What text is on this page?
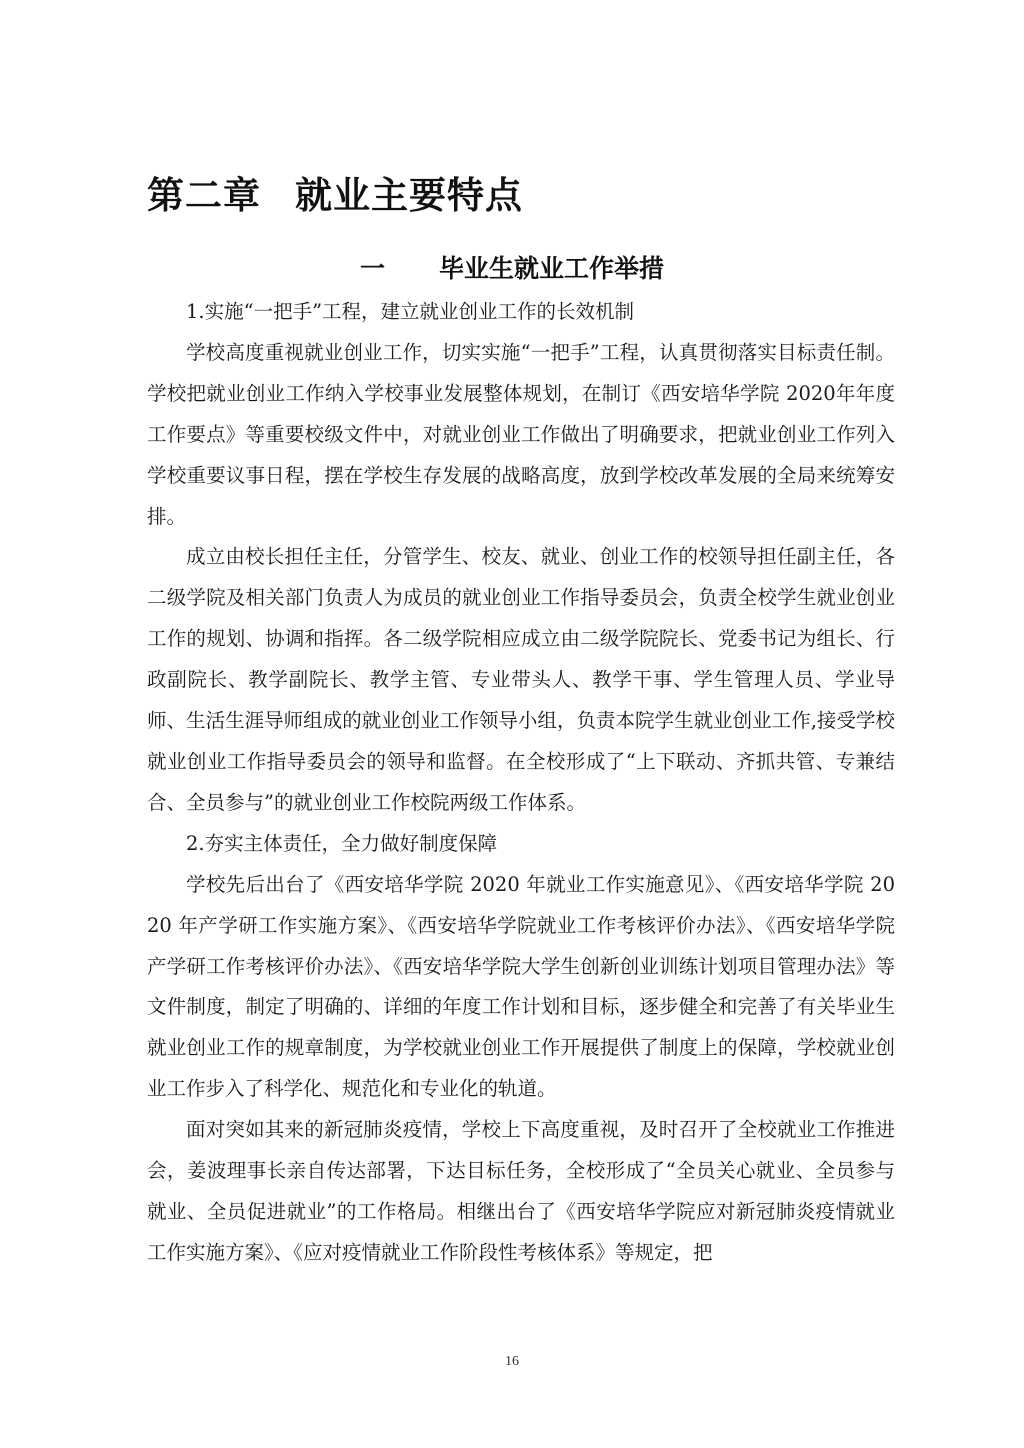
第二章 就业主要特点
一 毕业生就业工作举措

1.实施“一把手”工程，建立就业创业工作的长效机制

学校高度重视就业创业工作，切实实施“一把手”工程，认真贯彻落实目标责任制。学校把就业创业工作纳入学校事业发展整体规划，在制订《西安培华学院 2020年年度工作要点》等重要校级文件中，对就业创业工作做出了明确要求，把就业创业工作列入学校重要议事日程，摆在学校生存发展的战略高度，放到学校改革发展的全局来统筹安排。

成立由校长担任主任，分管学生、校友、就业、创业工作的校领导担任副主任，各二级学院及相关部门负责人为成员的就业创业工作指导委员会，负责全校学生就业创业工作的规划、协调和指挥。各二级学院相应成立由二级学院院长、党委书记为组长、行政副院长、教学副院长、教学主管、专业带头人、教学干事、学生管理人员、学业导师、生活生涯导师组成的就业创业工作领导小组，负责本院学生就业创业工作,接受学校就业创业工作指导委员会的领导和监督。在全校形成了“上下联动、齐抓共管、专兼结合、全员参与”的就业创业工作校院两级工作体系。

2.夯实主体责任，全力做好制度保障

学校先后出台了《西安培华学院 2020 年就业工作实施意见》、《西安培华学院 2020 年产学研工作实施方案》、《西安培华学院就业工作考核评价办法》、《西安培华学院产学研工作考核评价办法》、《西安培华学院大学生创新创业训练计划项目管理办法》等文件制度，制定了明确的、详细的年度工作计划和目标，逐步健全和完善了有关毕业生就业创业工作的规章制度，为学校就业创业工作开展提供了制度上的保障，学校就业创业工作步入了科学化、规范化和专业化的轨道。

面对突如其来的新冠肺炎疫情，学校上下高度重视，及时召开了全校就业工作推进会，姜波理事长亲自传达部署，下达目标任务，全校形成了“全员关心就业、全员参与就业、全员促进就业”的工作格局。相继出台了《西安培华学院应对新冠肺炎疫情就业工作实施方案》、《应对疫情就业工作阶段性考核体系》等规定，把

16
